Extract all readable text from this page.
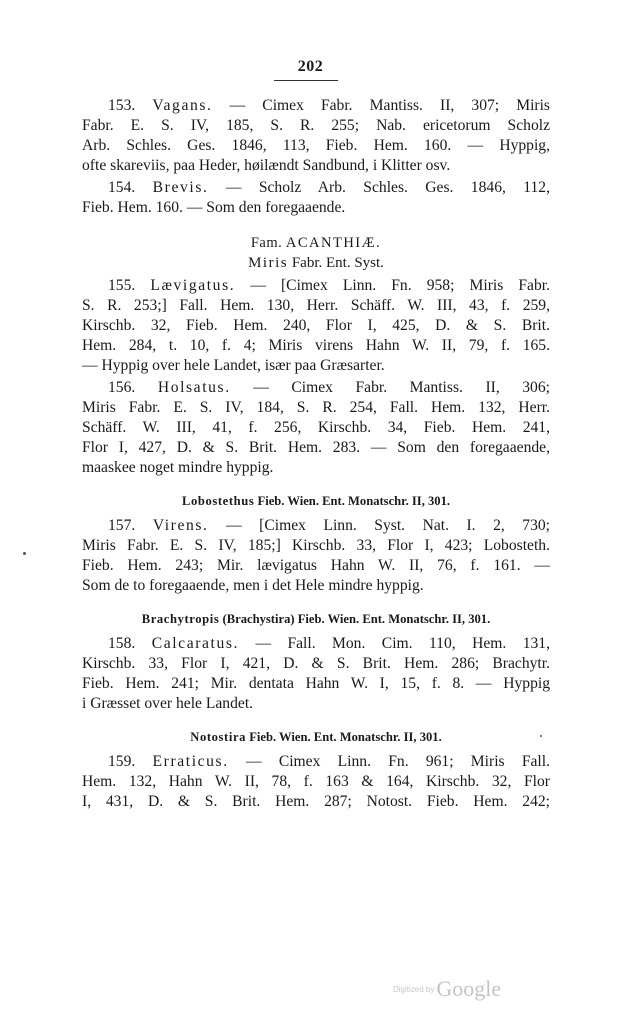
202
153. Vagans. — Cimex Fabr. Mantiss. II, 307; Miris
Fabr. E. S. IV, 185, S. R. 255; Nab. ericetorum Scholz
Arb. Schles. Ges. 1846, 113, Fieb. Hem. 160. — Hyppig,
ofte skareviis, paa Heder, høilændt Sandbund, i Klitter osv.
154. Brevis. — Scholz Arb. Schles. Ges. 1846, 112,
Fieb. Hem. 160. — Som den foregaaende.
Fam. ACANTHIÆ.
Miris Fabr. Ent. Syst.
155. Lævigatus. — [Cimex Linn. Fn. 958; Miris Fabr.
S. R. 253;] Fall. Hem. 130, Herr. Schäff. W. III, 43, f. 259,
Kirschb. 32, Fieb. Hem. 240, Flor I, 425, D. & S. Brit.
Hem. 284, t. 10, f. 4; Miris virens Hahn W. II, 79, f. 165.
— Hyppig over hele Landet, især paa Græsarter.
156. Holsatus. — Cimex Fabr. Mantiss. II, 306;
Miris Fabr. E. S. IV, 184, S. R. 254, Fall. Hem. 132, Herr.
Schäff. W. III, 41, f. 256, Kirschb. 34, Fieb. Hem. 241,
Flor I, 427, D. & S. Brit. Hem. 283. — Som den foregaaende,
maaskee noget mindre hyppig.
Lobostethus Fieb. Wien. Ent. Monatschr. II, 301.
157. Virens. — [Cimex Linn. Syst. Nat. I. 2, 730;
Miris Fabr. E. S. IV, 185;] Kirschb. 33, Flor I, 423; Lobosteth.
Fieb. Hem. 243; Mir. lævigatus Hahn W. II, 76, f. 161. —
Som de to foregaaende, men i det Hele mindre hyppig.
Brachytropis (Brachystira) Fieb. Wien. Ent. Monatschr. II, 301.
158. Calcaratus. — Fall. Mon. Cim. 110, Hem. 131,
Kirschb. 33, Flor I, 421, D. & S. Brit. Hem. 286; Brachytr.
Fieb. Hem. 241; Mir. dentata Hahn W. I, 15, f. 8. — Hyppig
i Græsset over hele Landet.
Notostira Fieb. Wien. Ent. Monatschr. II, 301.
159. Erraticus. — Cimex Linn. Fn. 961; Miris Fall.
Hem. 132, Hahn W. II, 78, f. 163 & 164, Kirschb. 32, Flor
I, 431, D. & S. Brit. Hem. 287; Notost. Fieb. Hem. 242;
Digitized byGoogle
